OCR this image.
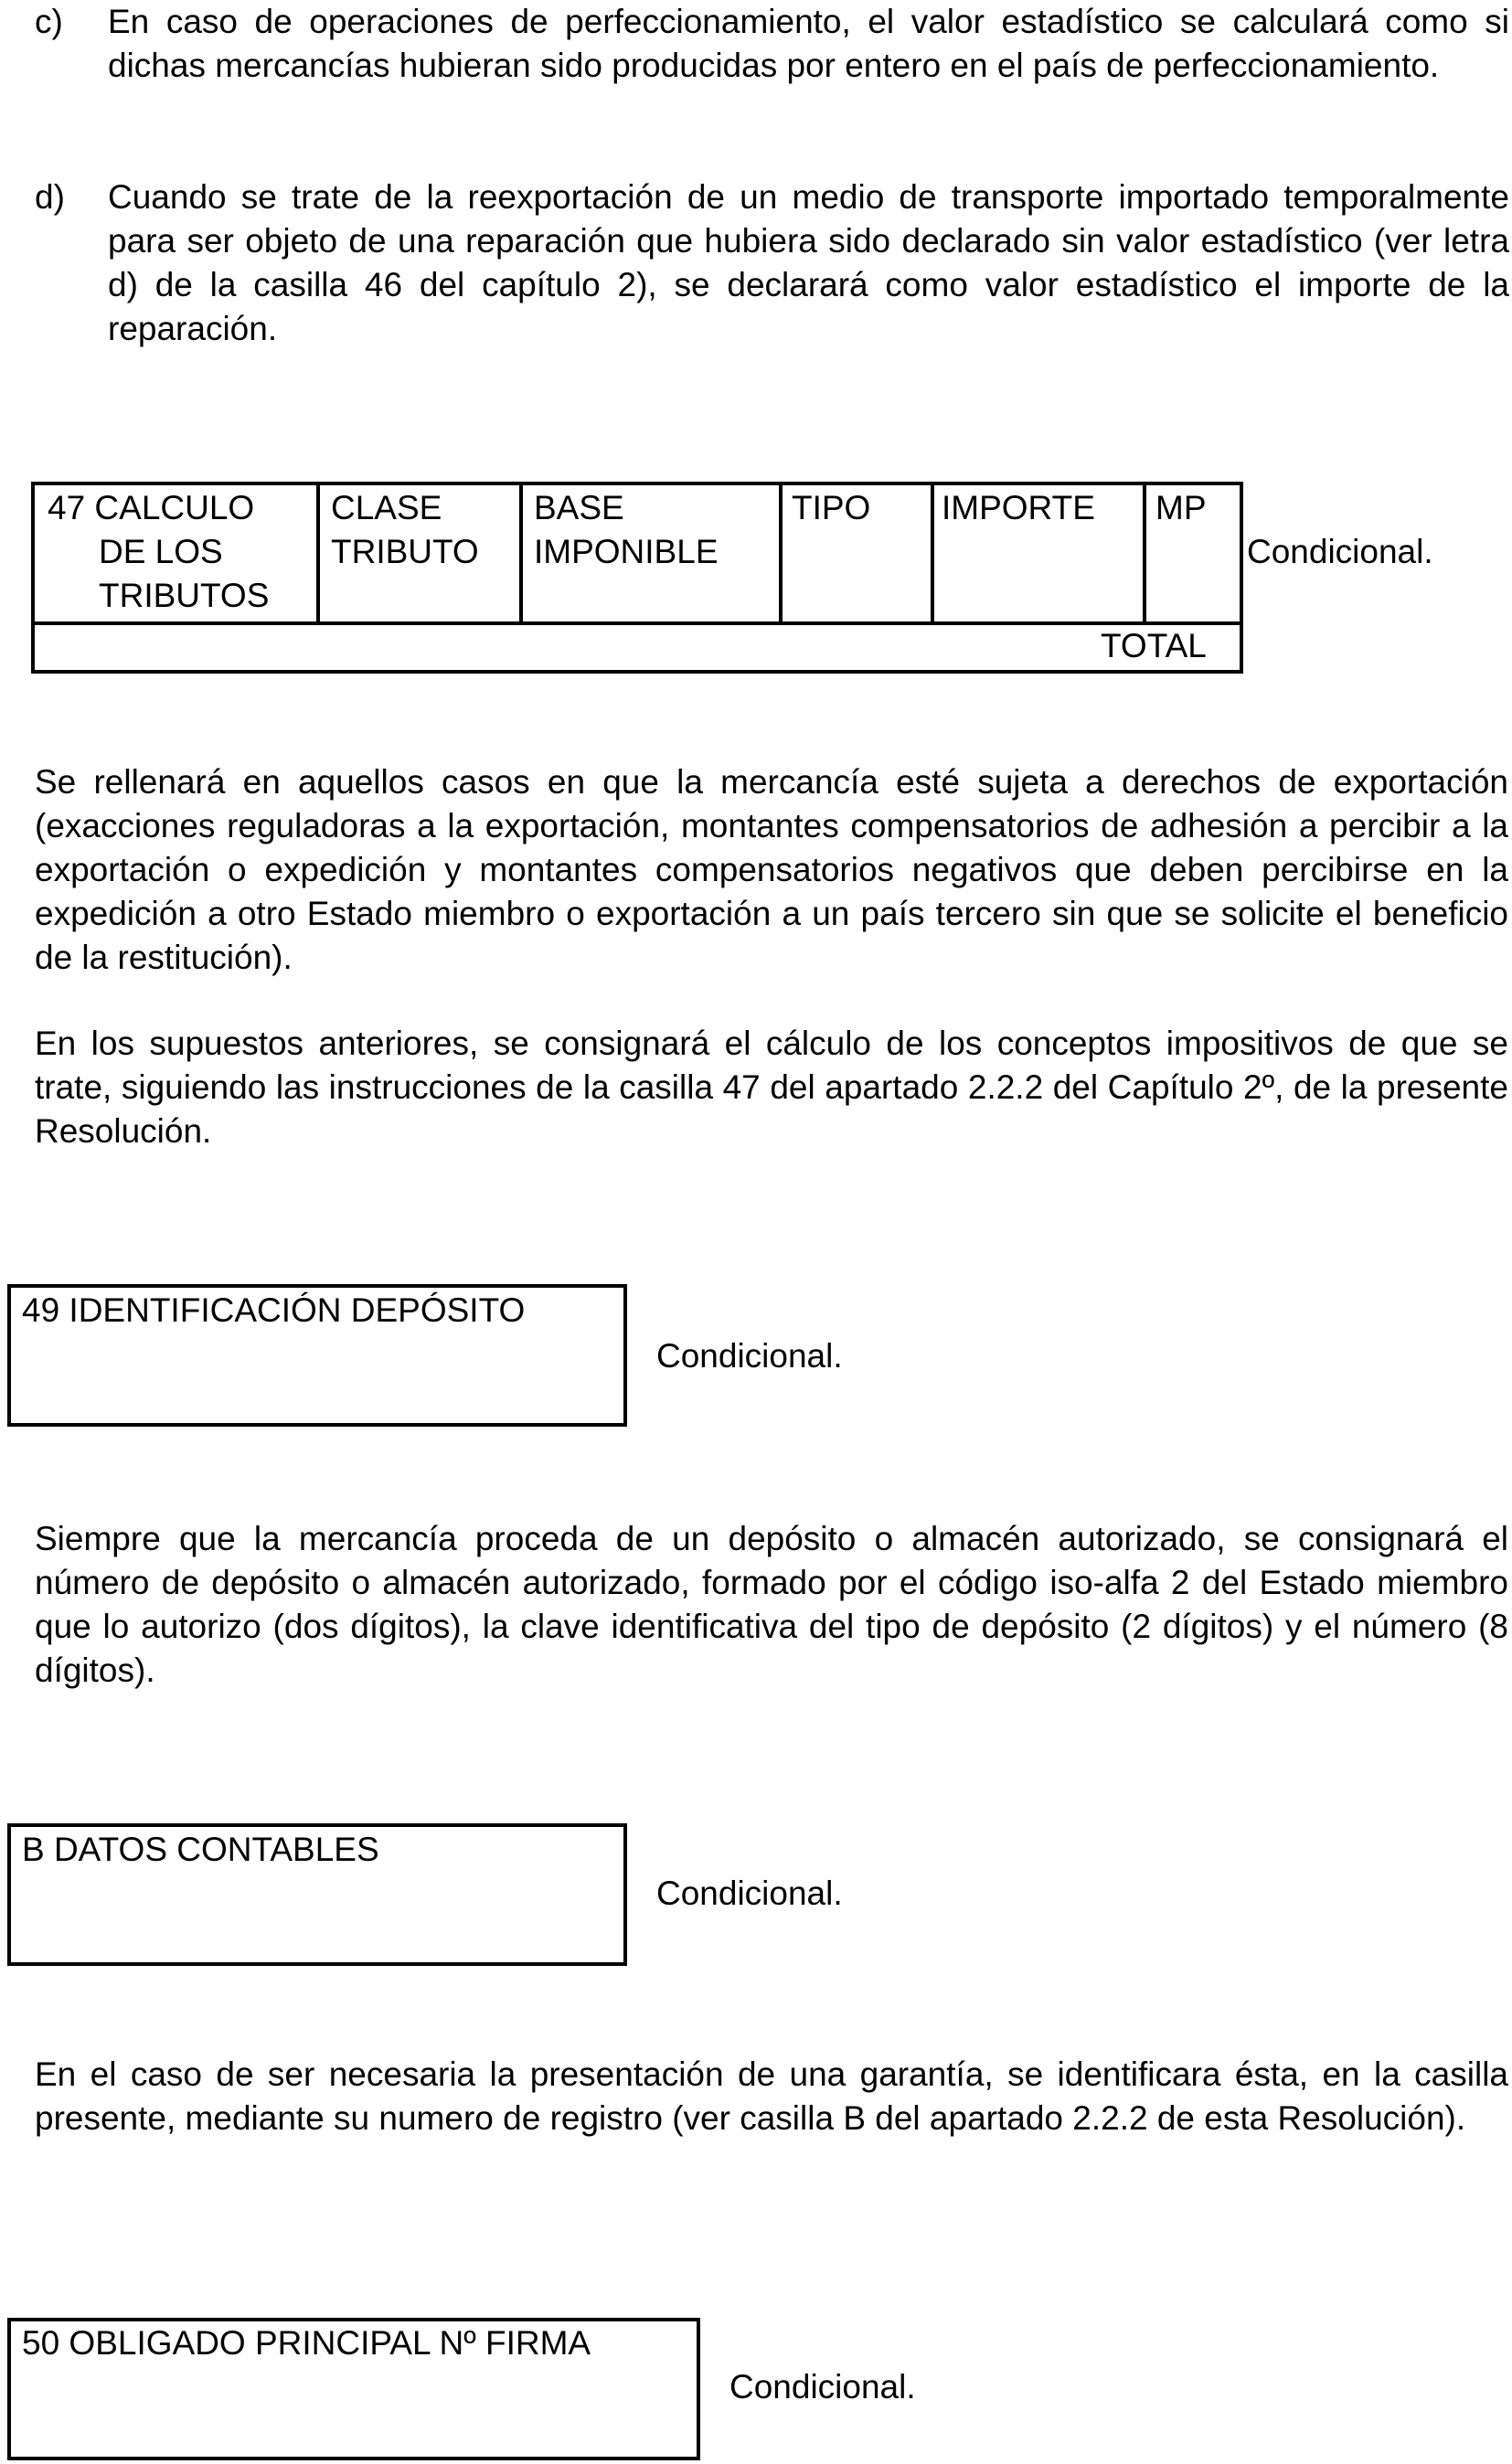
c) En caso de operaciones de perfeccionamiento, el valor estadístico se calculará como si dichas mercancías hubieran sido producidas por entero en el país de perfeccionamiento.
d) Cuando se trate de la reexportación de un medio de transporte importado temporalmente para ser objeto de una reparación que hubiera sido declarado sin valor estadístico (ver letra d) de la casilla 46 del capítulo 2), se declarará como valor estadístico el importe de la reparación.
47 CALCULO
DE LOS
TRIBUTOS
CLASE
TRIBUTO
BASE
IMPONIBLE
TIPO IMPORTE MP
TOTAL
Condicional.
Se rellenará en aquellos casos en que la mercancía esté sujeta a derechos de exportación (exacciones reguladoras a la exportación, montantes compensatorios de adhesión a percibir a la exportación o expedición y montantes compensatorios negativos que deben percibirse en la expedición a otro Estado miembro o exportación a un país tercero sin que se solicite el beneficio de la restitución).
En los supuestos anteriores, se consignará el cálculo de los conceptos impositivos de que se trate, siguiendo las instrucciones de la casilla 47 del apartado 2.2.2 del Capítulo 2º, de la presente Resolución.
49 IDENTIFICACIÓN DEPÓSITO
Condicional.
Siempre que la mercancía proceda de un depósito o almacén autorizado, se consignará el número de depósito o almacén autorizado, formado por el código iso-alfa 2 del Estado miembro que lo autorizo (dos dígitos), la clave identificativa del tipo de depósito (2 dígitos) y el número (8 dígitos).
B DATOS CONTABLES
Condicional.
En el caso de ser necesaria la presentación de una garantía, se identificara ésta, en la casilla presente, mediante su numero de registro (ver casilla B del apartado 2.2.2 de esta Resolución).
50 OBLIGADO PRINCIPAL Nº FIRMA
Condicional.
